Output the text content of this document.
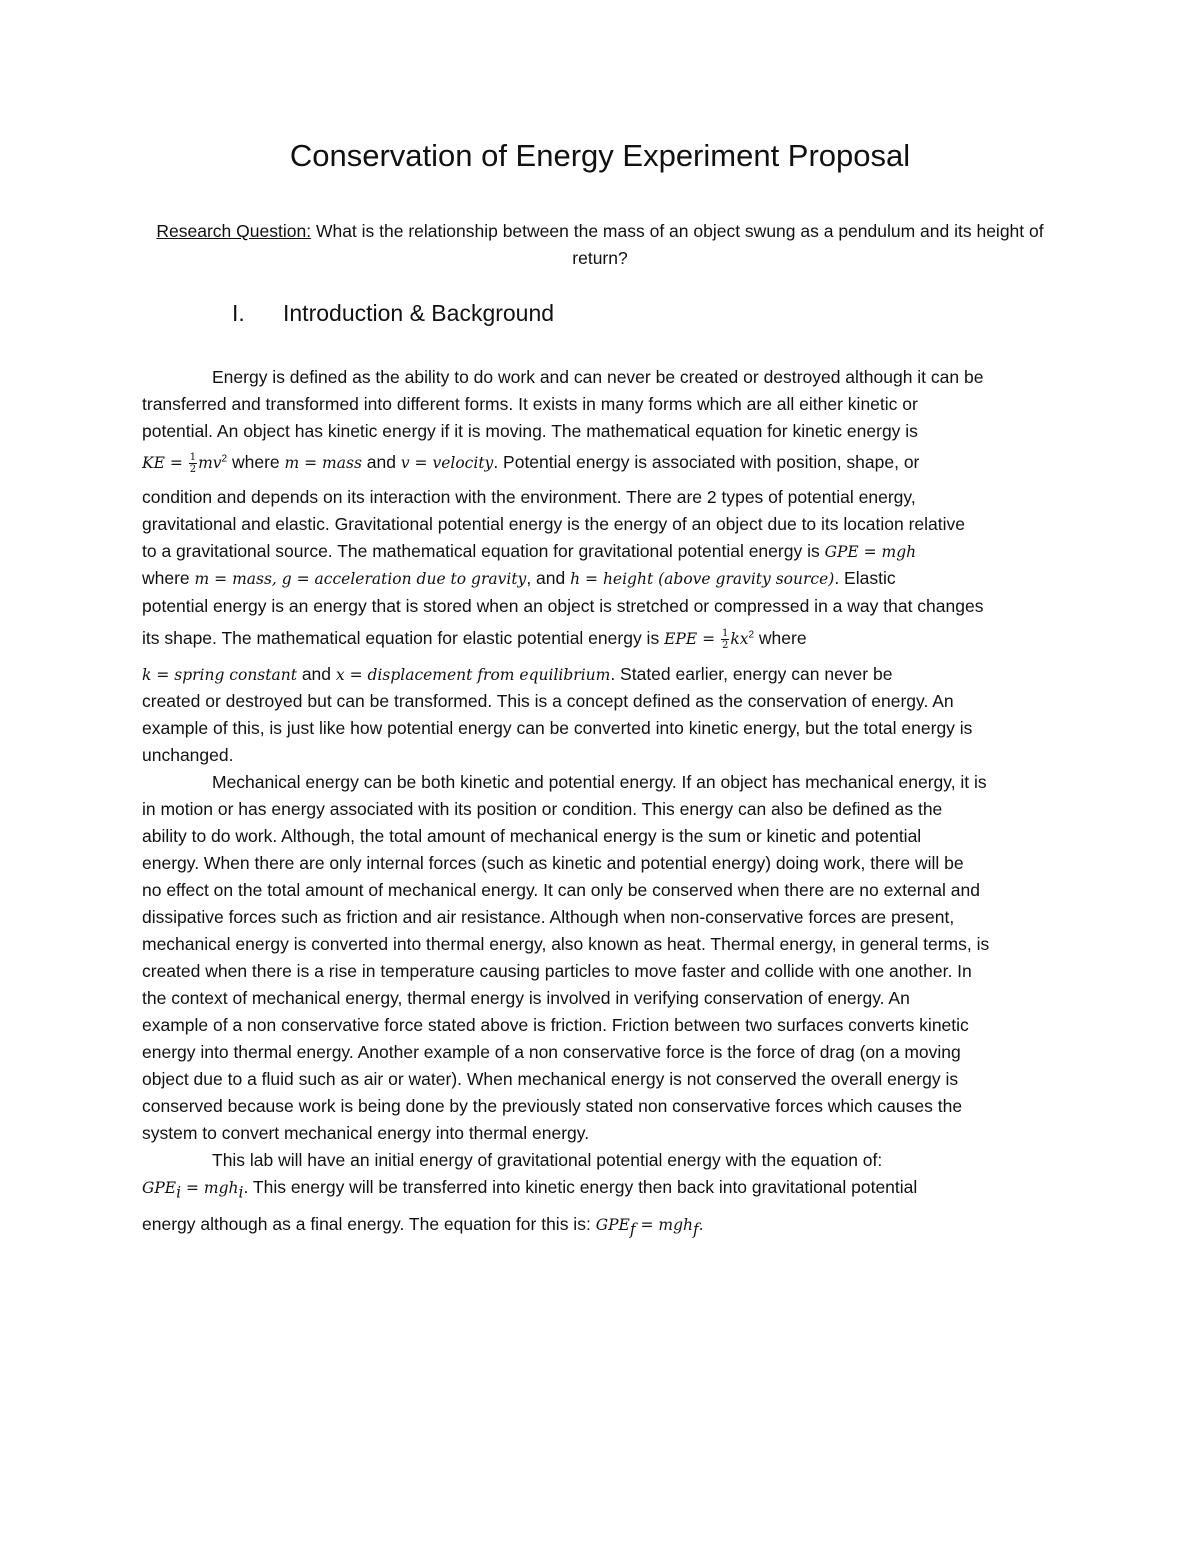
Conservation of Energy Experiment Proposal
Research Question: What is the relationship between the mass of an object swung as a pendulum and its height of return?
I. Introduction & Background
Energy is defined as the ability to do work and can never be created or destroyed although it can be
transferred and transformed into different forms. It exists in many forms which are all either kinetic or
potential. An object has kinetic energy if it is moving. The mathematical equation for kinetic energy is
KE = $\frac{1}{2} mv^2$ where m = mass and v = velocity. Potential energy is associated with position, shape, or
condition and depends on its interaction with the environment. There are 2 types of potential energy,
gravitational and elastic. Gravitational potential energy is the energy of an object due to its location relative
to a gravitational source. The mathematical equation for gravitational potential energy is GPE = mgh
where m = mass, g = acceleration due to gravity, and h = height (above gravity source). Elastic
potential energy is an energy that is stored when an object is stretched or compressed in a way that changes
its shape. The mathematical equation for elastic potential energy is EPE = $\frac{1}{2} kx^2$ where
k = spring constant and x = displacement from equilibrium. Stated earlier, energy can never be
created or destroyed but can be transformed. This is a concept defined as the conservation of energy. An
example of this, is just like how potential energy can be converted into kinetic energy, but the total energy is
unchanged.
Mechanical energy can be both kinetic and potential energy. If an object has mechanical energy, it is
in motion or has energy associated with its position or condition. This energy can also be defined as the
ability to do work. Although, the total amount of mechanical energy is the sum or kinetic and potential
energy. When there are only internal forces (such as kinetic and potential energy) doing work, there will be
no effect on the total amount of mechanical energy. It can only be conserved when there are no external and
dissipative forces such as friction and air resistance. Although when non-conservative forces are present,
mechanical energy is converted into thermal energy, also known as heat. Thermal energy, in general terms, is
created when there is a rise in temperature causing particles to move faster and collide with one another. In
the context of mechanical energy, thermal energy is involved in verifying conservation of energy. An
example of a non conservative force stated above is friction. Friction between two surfaces converts kinetic
energy into thermal energy. Another example of a non conservative force is the force of drag (on a moving
object due to a fluid such as air or water). When mechanical energy is not conserved the overall energy is
conserved because work is being done by the previously stated non conservative forces which causes the
system to convert mechanical energy into thermal energy.
This lab will have an initial energy of gravitational potential energy with the equation of:
$GPE_i = mgh_i$. This energy will be transferred into kinetic energy then back into gravitational potential
energy although as a final energy. The equation for this is: $GPE_f = mgh_f$.
